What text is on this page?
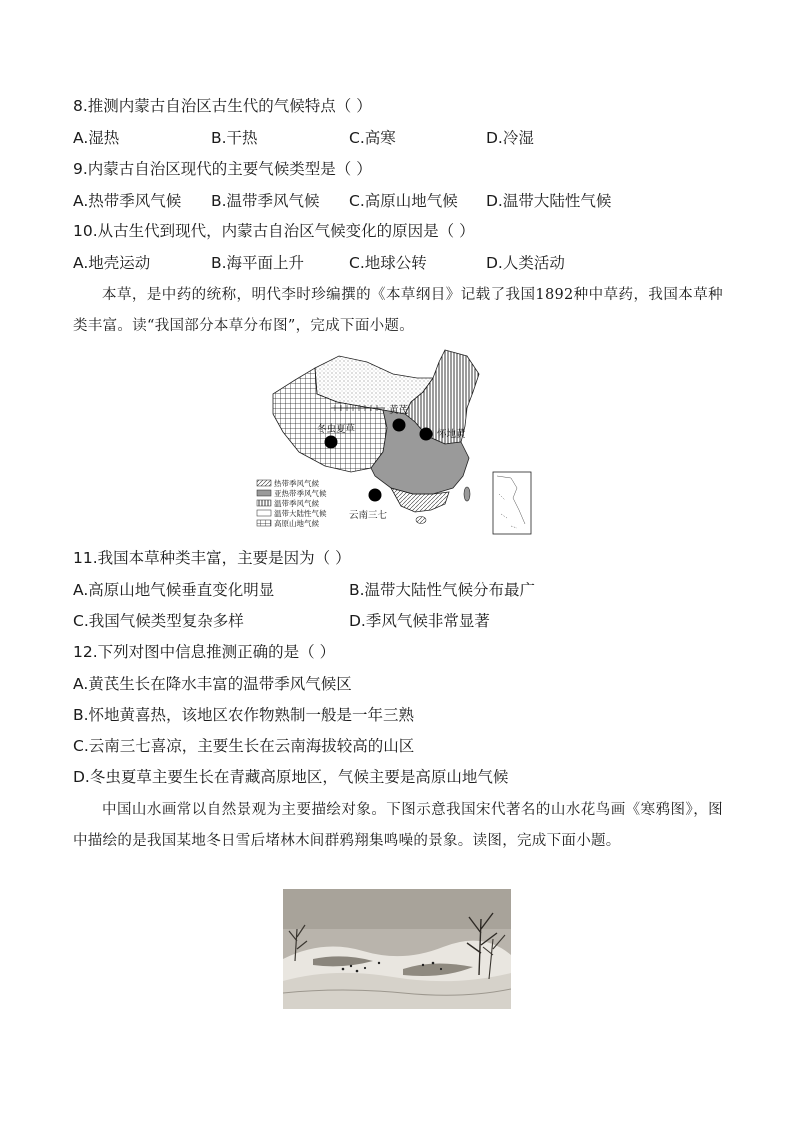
8.推测内蒙古自治区古生代的气候特点（ ）
A.湿热	B.干热	C.高寒	D.冷湿
9.内蒙古自治区现代的主要气候类型是（ ）
A.热带季风气候 B.温带季风气候 C.高原山地气候 D.温带大陆性气候
10.从古生代到现代，内蒙古自治区气候变化的原因是（ ）
A.地壳运动	B.海平面上升	C.地球公转	D.人类活动
本草，是中药的统称，明代李时珍编撰的《本草纲目》记载了我国1892种中草药，我国本草种类丰富。读“我国部分本草分布图”，完成下面小题。
黄芪
怀地黄
冬虫夏草
云南三七
热带季风气候
亚热带季风气候
温带季风气候
温带大陆性气候
高原山地气候
11.我国本草种类丰富，主要是因为（ ）
A.高原山地气候垂直变化明显	B.温带大陆性气候分布最广
C.我国气候类型复杂多样	D.季风气候非常显著
12.下列对图中信息推测正确的是（ ）
A.黄芪生长在降水丰富的温带季风气候区
B.怀地黄喜热，该地区农作物熟制一般是一年三熟
C.云南三七喜凉，主要生长在云南海拔较高的山区
D.冬虫夏草主要生长在青藏高原地区，气候主要是高原山地气候
中国山水画常以自然景观为主要描绘对象。下图示意我国宋代著名的山水花鸟画《寒鸦图》，图中描绘的是我国某地冬日雪后堵林木间群鸦翔集鸣噪的景象。读图，完成下面小题。
